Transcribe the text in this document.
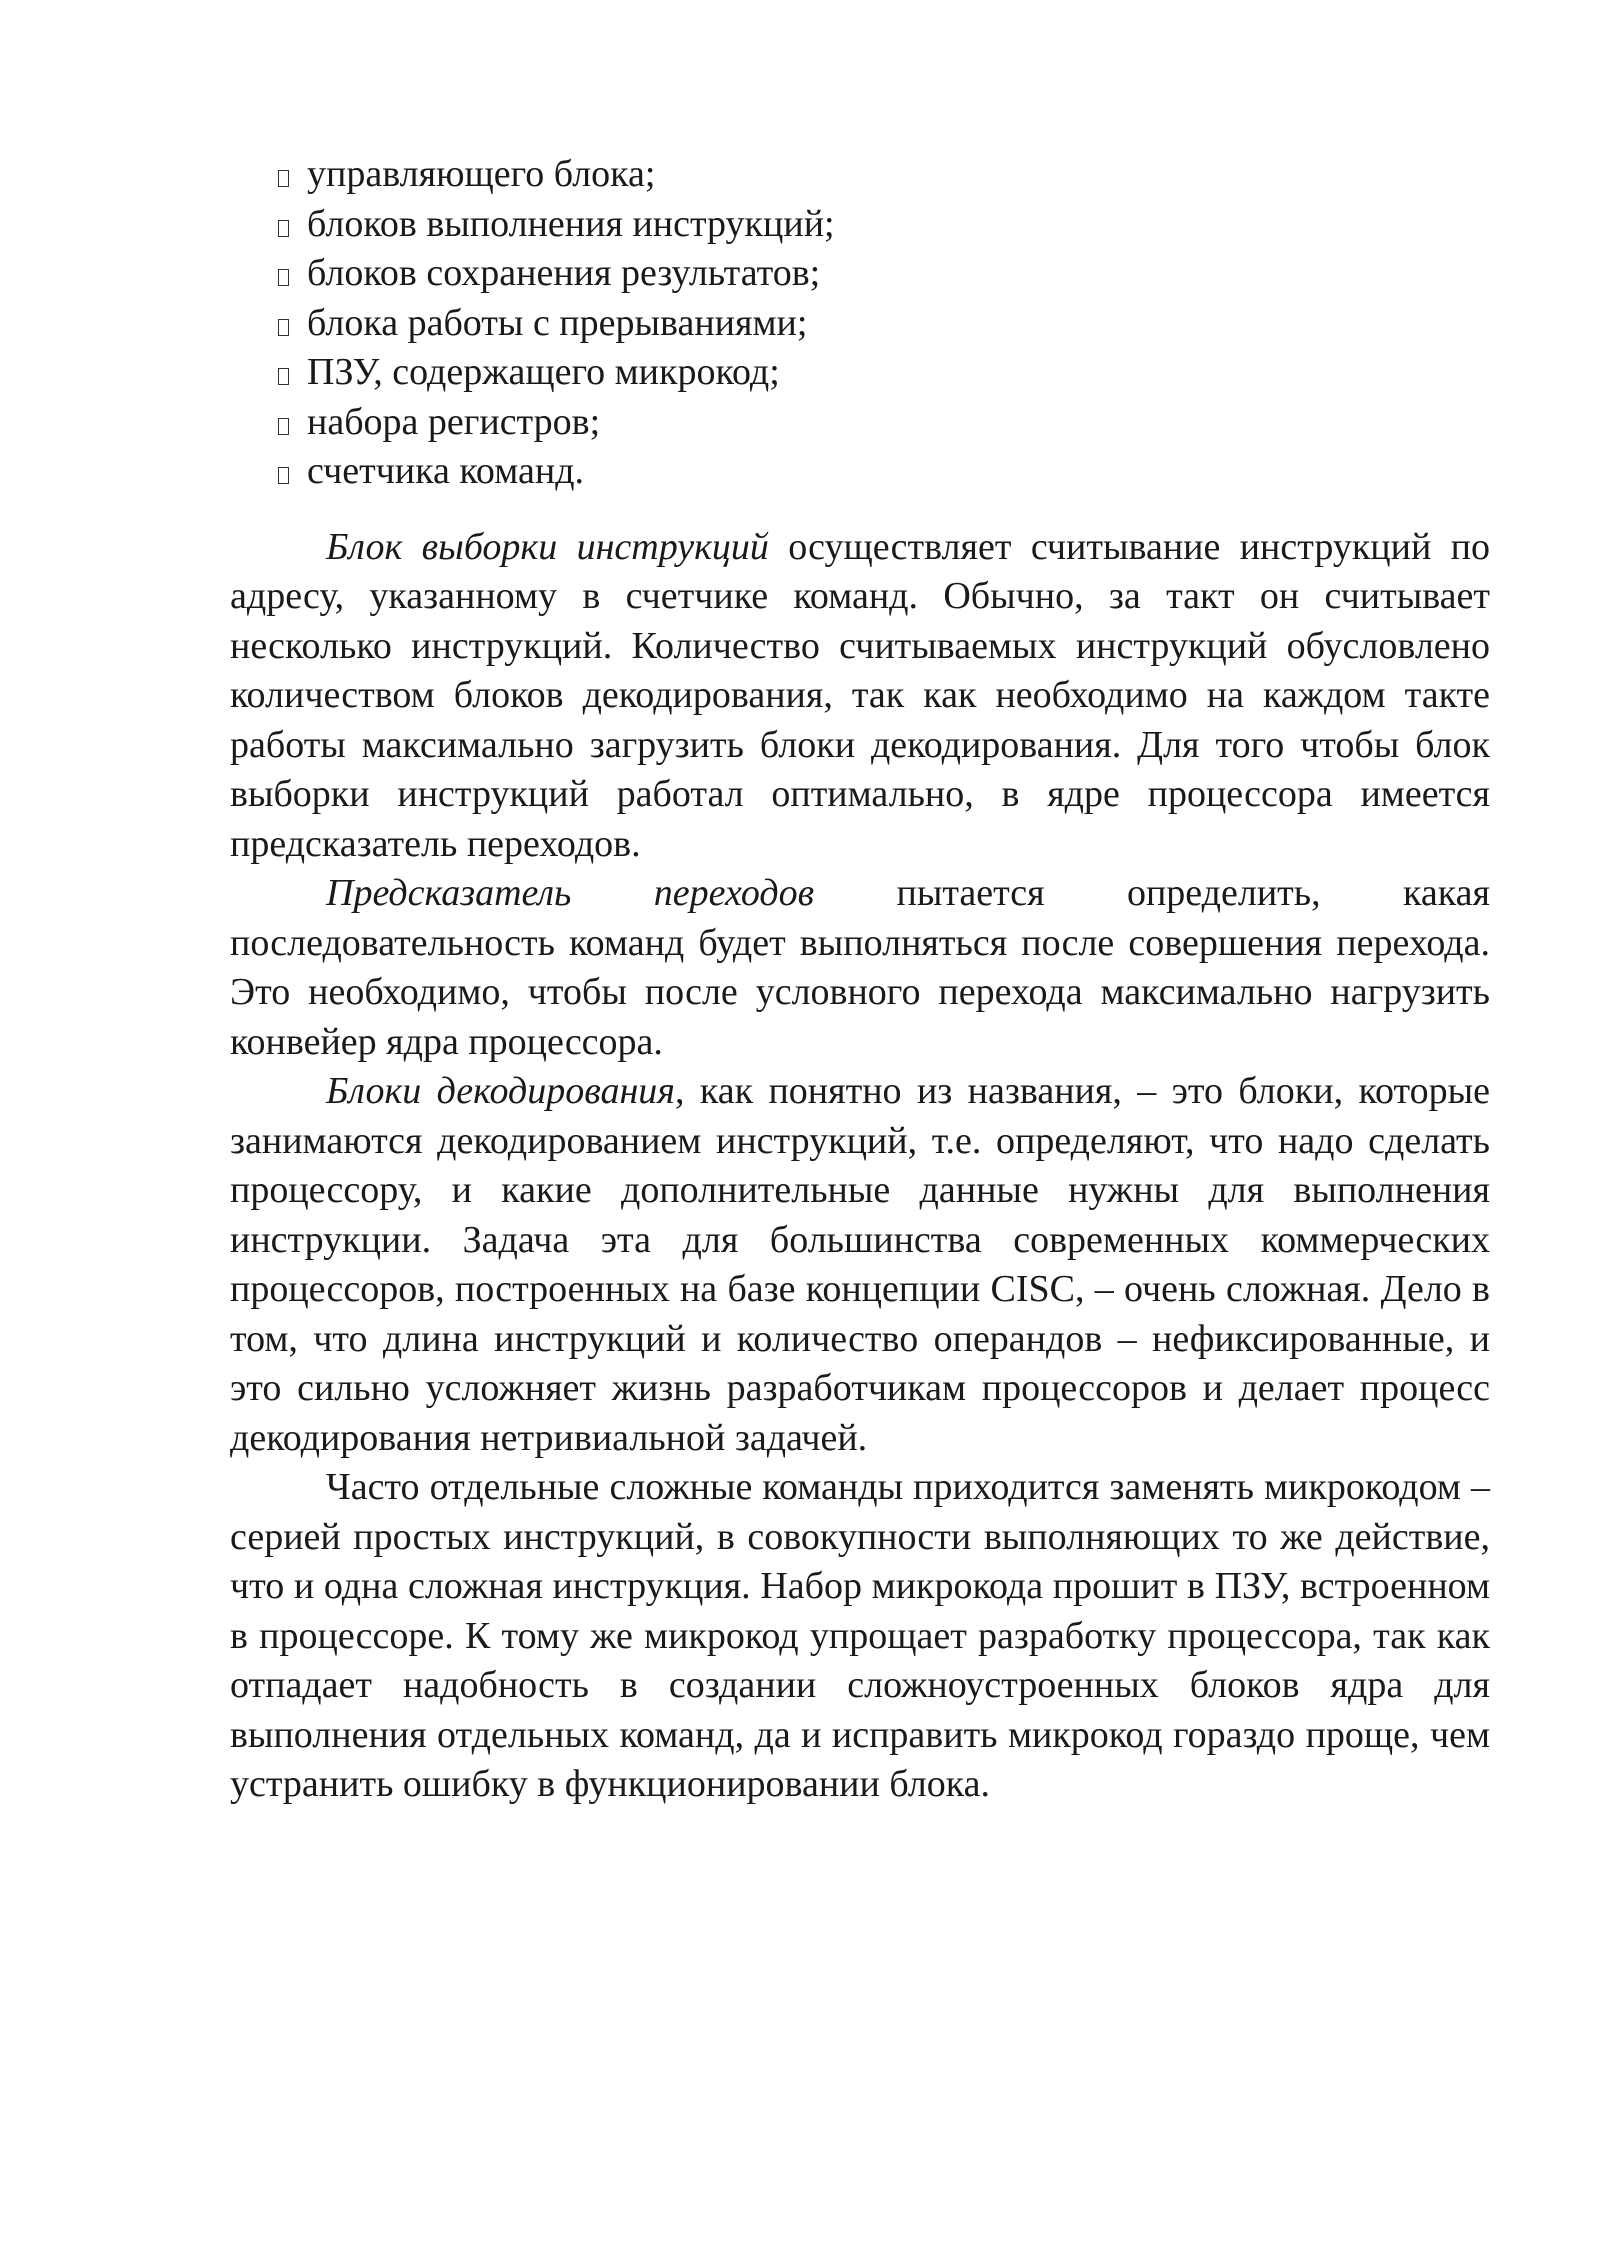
управляющего блока;
блоков выполнения инструкций;
блоков сохранения результатов;
блока работы с прерываниями;
ПЗУ, содержащего микрокод;
набора регистров;
счетчика команд.

Блок выборки инструкций осуществляет считывание инструкций по адресу, указанному в счетчике команд. Обычно, за такт он считывает несколько инструкций. Количество считываемых инструкций обусловлено количеством блоков декодирования, так как необходимо на каждом такте работы максимально загрузить блоки декодирования. Для того чтобы блок выборки инструкций работал оптимально, в ядре процессора имеется предсказатель переходов.

Предсказатель переходов пытается определить, какая последовательность команд будет выполняться после совершения перехода. Это необходимо, чтобы после условного перехода максимально нагрузить конвейер ядра процессора.

Блоки декодирования, как понятно из названия, – это блоки, которые занимаются декодированием инструкций, т.е. определяют, что надо сделать процессору, и какие дополнительные данные нужны для выполнения инструкции. Задача эта для большинства современных коммерческих процессоров, построенных на базе концепции CISC, – очень сложная. Дело в том, что длина инструкций и количество операндов – нефиксированные, и это сильно усложняет жизнь разработчикам процессоров и делает процесс декодирования нетривиальной задачей.

Часто отдельные сложные команды приходится заменять микрокодом – серией простых инструкций, в совокупности выполняющих то же действие, что и одна сложная инструкция. Набор микрокода прошит в ПЗУ, встроенном в процессоре. К тому же микрокод упрощает разработку процессора, так как отпадает надобность в создании сложноустроенных блоков ядра для выполнения отдельных команд, да и исправить микрокод гораздо проще, чем устранить ошибку в функционировании блока.
